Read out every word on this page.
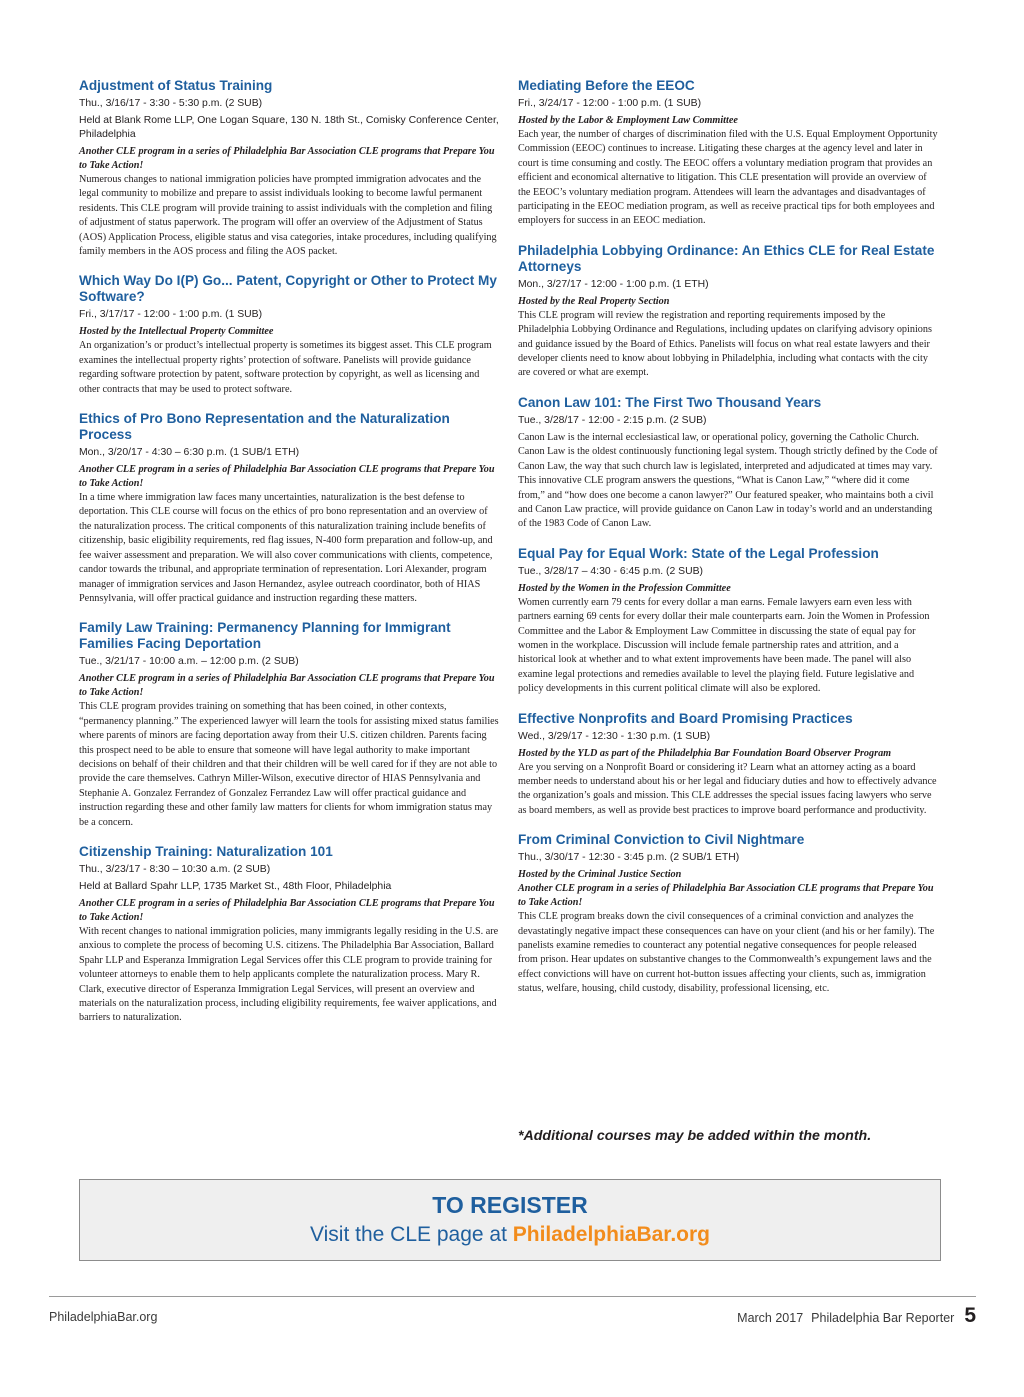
Adjustment of Status Training
Thu., 3/16/17 - 3:30 - 5:30 p.m. (2 SUB)
Held at Blank Rome LLP, One Logan Square, 130 N. 18th St., Comisky Conference Center, Philadelphia
Another CLE program in a series of Philadelphia Bar Association CLE programs that Prepare You to Take Action!
Numerous changes to national immigration policies have prompted immigration advocates and the legal community to mobilize and prepare to assist individuals looking to become lawful permanent residents. This CLE program will provide training to assist individuals with the completion and filing of adjustment of status paperwork. The program will offer an overview of the Adjustment of Status (AOS) Application Process, eligible status and visa categories, intake procedures, including qualifying family members in the AOS process and filing the AOS packet.
Which Way Do I(P) Go... Patent, Copyright or Other to Protect My Software?
Fri., 3/17/17 - 12:00 - 1:00 p.m. (1 SUB)
Hosted by the Intellectual Property Committee
An organization’s or product’s intellectual property is sometimes its biggest asset. This CLE program examines the intellectual property rights’ protection of software. Panelists will provide guidance regarding software protection by patent, software protection by copyright, as well as licensing and other contracts that may be used to protect software.
Ethics of Pro Bono Representation and the Naturalization Process
Mon., 3/20/17 - 4:30 – 6:30 p.m. (1 SUB/1 ETH)
Another CLE program in a series of Philadelphia Bar Association CLE programs that Prepare You to Take Action!
In a time where immigration law faces many uncertainties, naturalization is the best defense to deportation. This CLE course will focus on the ethics of pro bono representation and an overview of the naturalization process. The critical components of this naturalization training include benefits of citizenship, basic eligibility requirements, red flag issues, N-400 form preparation and follow-up, and fee waiver assessment and preparation. We will also cover communications with clients, competence, candor towards the tribunal, and appropriate termination of representation. Lori Alexander, program manager of immigration services and Jason Hernandez, asylee outreach coordinator, both of HIAS Pennsylvania, will offer practical guidance and instruction regarding these matters.
Family Law Training: Permanency Planning for Immigrant Families Facing Deportation
Tue., 3/21/17 - 10:00 a.m. – 12:00 p.m. (2 SUB)
Another CLE program in a series of Philadelphia Bar Association CLE programs that Prepare You to Take Action!
This CLE program provides training on something that has been coined, in other contexts, “permanency planning.” The experienced lawyer will learn the tools for assisting mixed status families where parents of minors are facing deportation away from their U.S. citizen children. Parents facing this prospect need to be able to ensure that someone will have legal authority to make important decisions on behalf of their children and that their children will be well cared for if they are not able to provide the care themselves. Cathryn Miller-Wilson, executive director of HIAS Pennsylvania and Stephanie A. Gonzalez Ferrandez of Gonzalez Ferrandez Law will offer practical guidance and instruction regarding these and other family law matters for clients for whom immigration status may be a concern.
Citizenship Training: Naturalization 101
Thu., 3/23/17 - 8:30 – 10:30 a.m. (2 SUB)
Held at Ballard Spahr LLP, 1735 Market St., 48th Floor, Philadelphia
Another CLE program in a series of Philadelphia Bar Association CLE programs that Prepare You to Take Action!
With recent changes to national immigration policies, many immigrants legally residing in the U.S. are anxious to complete the process of becoming U.S. citizens. The Philadelphia Bar Association, Ballard Spahr LLP and Esperanza Immigration Legal Services offer this CLE program to provide training for volunteer attorneys to enable them to help applicants complete the naturalization process. Mary R. Clark, executive director of Esperanza Immigration Legal Services, will present an overview and materials on the naturalization process, including eligibility requirements, fee waiver applications, and barriers to naturalization.
Mediating Before the EEOC
Fri., 3/24/17 - 12:00 - 1:00 p.m. (1 SUB)
Hosted by the Labor & Employment Law Committee
Each year, the number of charges of discrimination filed with the U.S. Equal Employment Opportunity Commission (EEOC) continues to increase. Litigating these charges at the agency level and later in court is time consuming and costly. The EEOC offers a voluntary mediation program that provides an efficient and economical alternative to litigation. This CLE presentation will provide an overview of the EEOC’s voluntary mediation program. Attendees will learn the advantages and disadvantages of participating in the EEOC mediation program, as well as receive practical tips for both employees and employers for success in an EEOC mediation.
Philadelphia Lobbying Ordinance: An Ethics CLE for Real Estate Attorneys
Mon., 3/27/17 - 12:00 - 1:00 p.m. (1 ETH)
Hosted by the Real Property Section
This CLE program will review the registration and reporting requirements imposed by the Philadelphia Lobbying Ordinance and Regulations, including updates on clarifying advisory opinions and guidance issued by the Board of Ethics. Panelists will focus on what real estate lawyers and their developer clients need to know about lobbying in Philadelphia, including what contacts with the city are covered or what are exempt.
Canon Law 101: The First Two Thousand Years
Tue., 3/28/17 - 12:00 - 2:15 p.m. (2 SUB)
Canon Law is the internal ecclesiastical law, or operational policy, governing the Catholic Church. Canon Law is the oldest continuously functioning legal system. Though strictly defined by the Code of Canon Law, the way that such church law is legislated, interpreted and adjudicated at times may vary. This innovative CLE program answers the questions, “What is Canon Law,” “where did it come from,” and “how does one become a canon lawyer?” Our featured speaker, who maintains both a civil and Canon Law practice, will provide guidance on Canon Law in today’s world and an understanding of the 1983 Code of Canon Law.
Equal Pay for Equal Work: State of the Legal Profession
Tue., 3/28/17 – 4:30 - 6:45 p.m. (2 SUB)
Hosted by the Women in the Profession Committee
Women currently earn 79 cents for every dollar a man earns. Female lawyers earn even less with partners earning 69 cents for every dollar their male counterparts earn. Join the Women in Profession Committee and the Labor & Employment Law Committee in discussing the state of equal pay for women in the workplace. Discussion will include female partnership rates and attrition, and a historical look at whether and to what extent improvements have been made. The panel will also examine legal protections and remedies available to level the playing field. Future legislative and policy developments in this current political climate will also be explored.
Effective Nonprofits and Board Promising Practices
Wed., 3/29/17 - 12:30 - 1:30 p.m. (1 SUB)
Hosted by the YLD as part of the Philadelphia Bar Foundation Board Observer Program
Are you serving on a Nonprofit Board or considering it? Learn what an attorney acting as a board member needs to understand about his or her legal and fiduciary duties and how to effectively advance the organization’s goals and mission. This CLE addresses the special issues facing lawyers who serve as board members, as well as provide best practices to improve board performance and productivity.
From Criminal Conviction to Civil Nightmare
Thu., 3/30/17 - 12:30 - 3:45 p.m. (2 SUB/1 ETH)
Hosted by the Criminal Justice Section
Another CLE program in a series of Philadelphia Bar Association CLE programs that Prepare You to Take Action!
This CLE program breaks down the civil consequences of a criminal conviction and analyzes the devastatingly negative impact these consequences can have on your client (and his or her family). The panelists examine remedies to counteract any potential negative consequences for people released from prison. Hear updates on substantive changes to the Commonwealth’s expungement laws and the effect convictions will have on current hot-button issues affecting your clients, such as, immigration status, welfare, housing, child custody, disability, professional licensing, etc.
*Additional courses may be added within the month.
TO REGISTER
Visit the CLE page at PhiladelphiaBar.org
PhiladelphiaBar.org	March 2017 Philadelphia Bar Reporter 5
